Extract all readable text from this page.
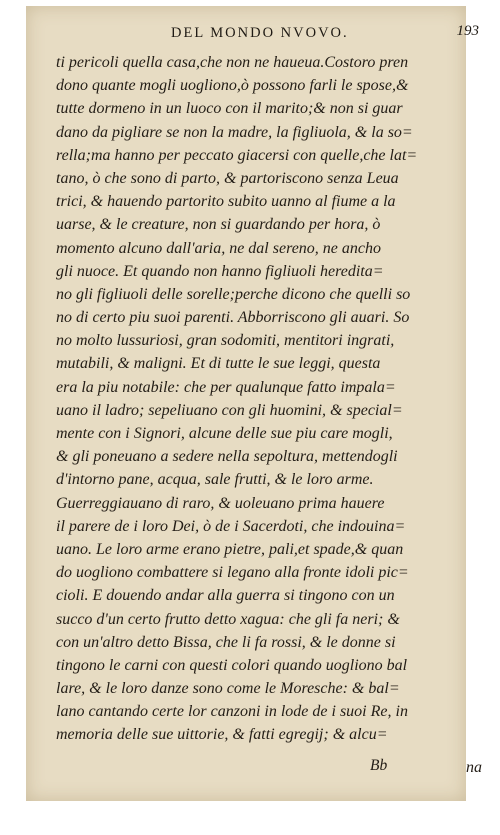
DEL MONDO NVOVO.	193
ti pericoli quella casa,che non ne haueua.Costoro pren
dono quante mogli uogliono,ò possono farli le spose,&
tutte dormeno in un luoco con il marito;& non si guar
dano da pigliare se non la madre, la figliuola, & la so=
rella;ma hanno per peccato giacersi con quelle,che lat=
tano, ò che sono di parto, & partoriscono senza Leua
trici, & hauendo partorito subito uanno al fiume a la
uarse, & le creature, non si guardando per hora, ò
momento alcuno dall'aria, ne dal sereno, ne ancho
gli nuoce. Et quando non hanno figliuoli heredita=
no gli figliuoli delle sorelle;perche dicono che quelli so
no di certo piu suoi parenti. Abborriscono gli auari. So
no molto lussuriosi, gran sodomiti, mentitori ingrati,
mutabili, & maligni. Et di tutte le sue leggi, questa
era la piu notabile: che per qualunque fatto impala=
uano il ladro; sepeliuano con gli huomini, & special=
mente con i Signori, alcune delle sue piu care mogli,
& gli poneuano a sedere nella sepoltura, mettendogli
d'intorno pane, acqua, sale frutti, & le loro arme.
Guerreggiauano di raro, & uoleuano prima hauere
il parere de i loro Dei, ò de i Sacerdoti, che indouina=
uano. Le loro arme erano pietre, pali,et spade,& quan
do uogliono combattere si legano alla fronte idoli pic=
cioli. E douendo andar alla guerra si tingono con un
succo d'un certo frutto detto xagua: che gli fa neri; &
con un'altro detto Bissa, che li fa rossi, & le donne si
tingono le carni con questi colori quando uogliono bal
lare, & le loro danze sono come le Moresche: & bal=
lano cantando certe lor canzoni in lode de i suoi Re, in
memoria delle sue uittorie, & fatti egregij; & alcu=
Bb	na
